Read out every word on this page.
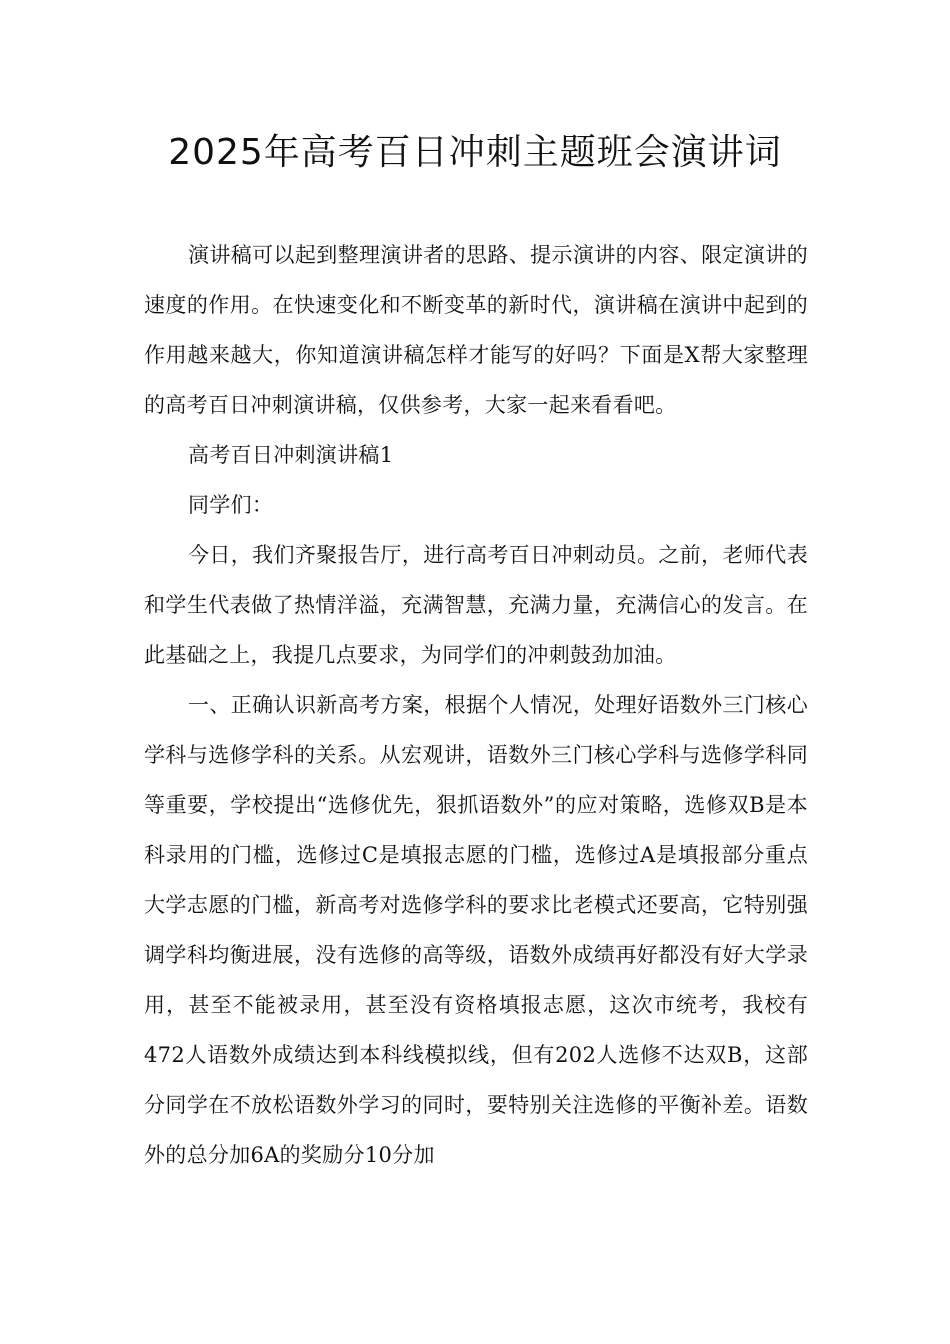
2025年高考百日冲刺主题班会演讲词

演讲稿可以起到整理演讲者的思路、提示演讲的内容、限定演讲的速度的作用。在快速变化和不断变革的新时代，演讲稿在演讲中起到的作用越来越大，你知道演讲稿怎样才能写的好吗？下面是X帮大家整理的高考百日冲刺演讲稿，仅供参考，大家一起来看看吧。

高考百日冲刺演讲稿1

同学们：

今日，我们齐聚报告厅，进行高考百日冲刺动员。之前，老师代表和学生代表做了热情洋溢，充满智慧，充满力量，充满信心的发言。在此基础之上，我提几点要求，为同学们的冲刺鼓劲加油。

一、正确认识新高考方案，根据个人情况，处理好语数外三门核心学科与选修学科的关系。从宏观讲，语数外三门核心学科与选修学科同等重要，学校提出“选修优先，狠抓语数外”的应对策略，选修双B是本科录用的门槛，选修过C是填报志愿的门槛，选修过A是填报部分重点大学志愿的门槛，新高考对选修学科的要求比老模式还要高，它特别强调学科均衡进展，没有选修的高等级，语数外成绩再好都没有好大学录用，甚至不能被录用，甚至没有资格填报志愿，这次市统考，我校有472人语数外成绩达到本科线模拟线，但有202人选修不达双B，这部分同学在不放松语数外学习的同时，要特别关注选修的平衡补差。语数外的总分加6A的奖励分10分加
